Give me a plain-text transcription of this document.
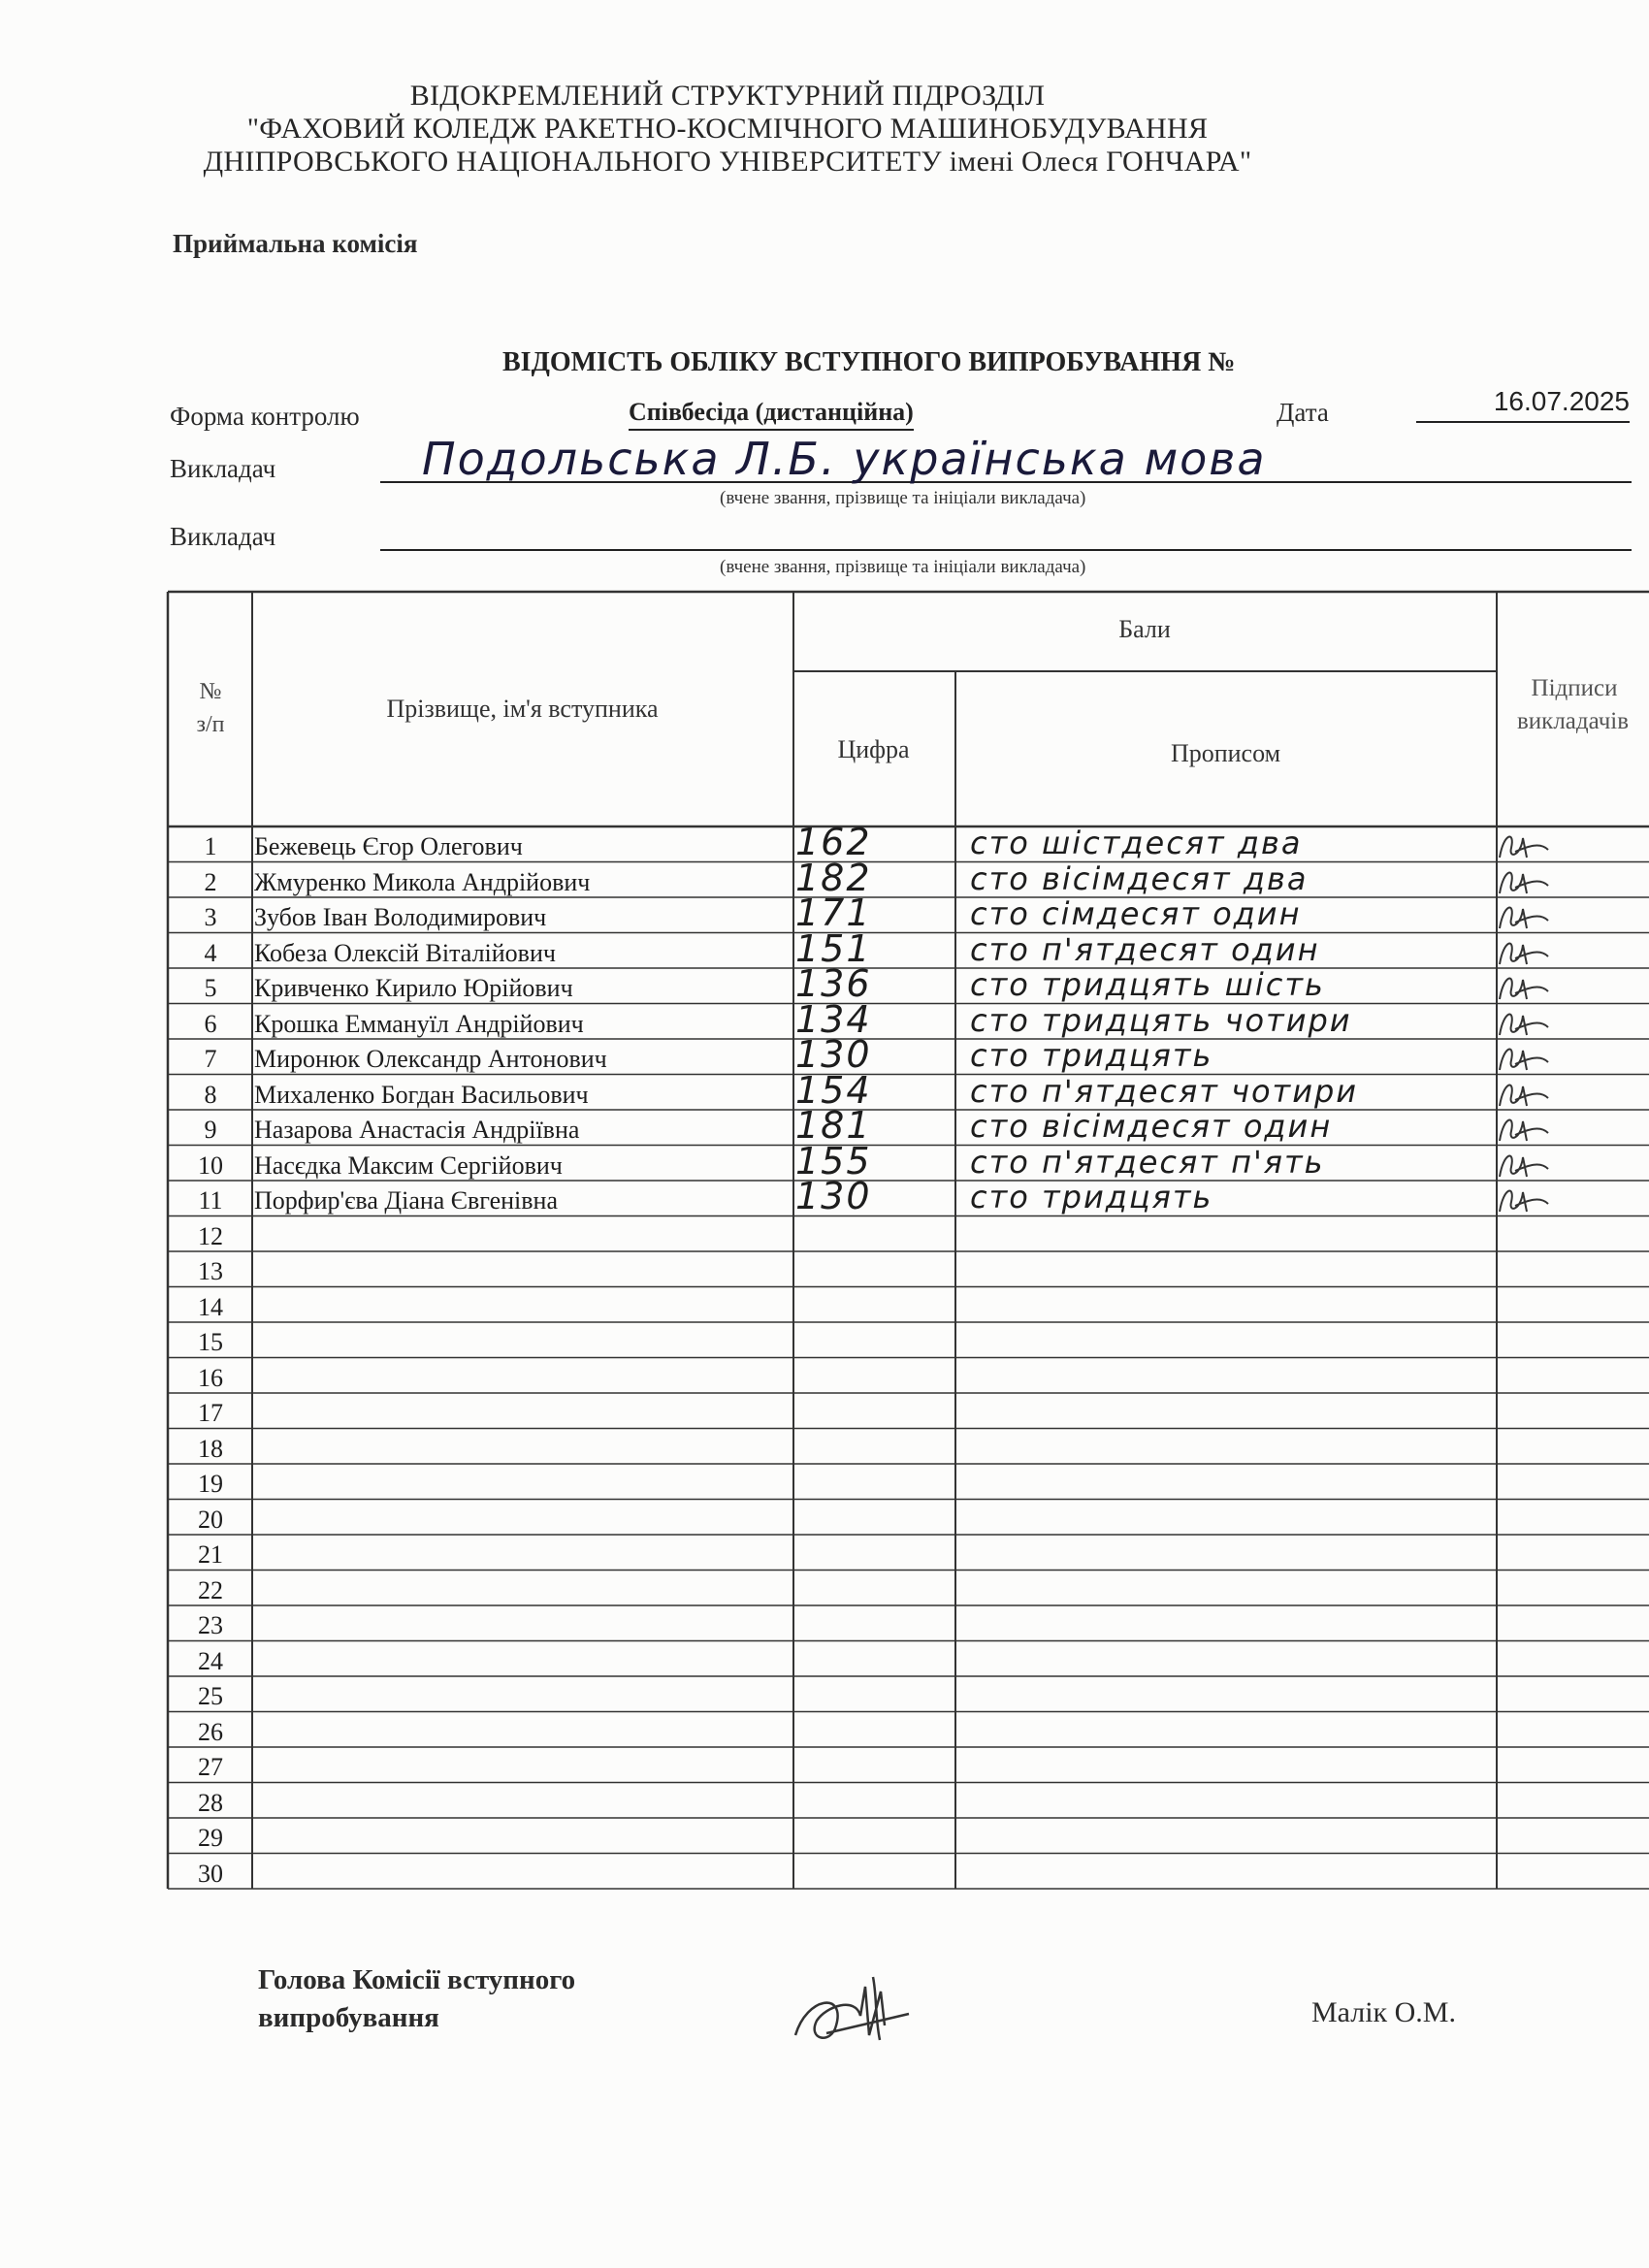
ВІДОКРЕМЛЕНИЙ СТРУКТУРНИЙ ПІДРОЗДІЛ
"ФАХОВИЙ КОЛЕДЖ РАКЕТНО-КОСМІЧНОГО МАШИНОБУДУВАННЯ
ДНІПРОВСЬКОГО НАЦІОНАЛЬНОГО УНІВЕРСИТЕТУ імені Олеся ГОНЧАРА"
Приймальна комісія
ВІДОМІСТЬ ОБЛІКУ ВСТУПНОГО ВИПРОБУВАННЯ №
Форма контролю	Співбесіда (дистанційна)	Дата	16.07.2025
Викладач	Подольська Л.Б. українська мова
(вчене звання, прізвище та ініціали викладача)
Викладач
(вчене звання, прізвище та ініціали викладача)
№
з/п
Прізвище, ім'я вступника
Бали
Цифра	Прописом
Підписи
викладачів
1	Бежевець Єгор Олегович	162	сто шістдесят два
2	Жмуренко Микола Андрійович	182	сто вісімдесят два
3	Зубов Іван Володимирович	171	сто сімдесят один
4	Кобеза Олексій Віталійович	151	сто п'ятдесят один
5	Кривченко Кирило Юрійович	136	сто тридцять шість
6	Крошка Еммануїл Андрійович	134	сто тридцять чотири
7	Миронюк Олександр Антонович	130	сто тридцять
8	Михаленко Богдан Васильович	154	сто п'ятдесят чотири
9	Назарова Анастасія Андріївна	181	сто вісімдесят один
10	Насєдка Максим Сергійович	155	сто п'ятдесят п'ять
11	Порфир'єва Діана Євгенівна	130	сто тридцять
12
13
14
15
16
17
18
19
20
21
22
23
24
25
26
27
28
29
30
Голова Комісії вступного
випробування	Малік О.М.
